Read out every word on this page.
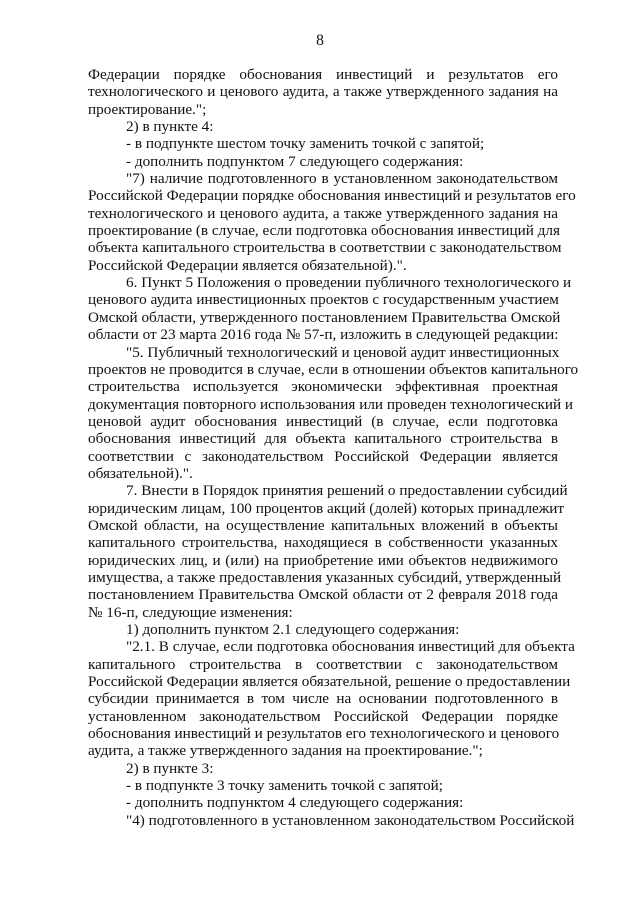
8
Федерации порядке обоснования инвестиций и результатов его
технологического и ценового аудита, а также утвержденного задания на
проектирование.";
2) в пункте 4:
- в подпункте шестом точку заменить точкой с запятой;
- дополнить подпунктом 7 следующего содержания:
"7) наличие подготовленного в установленном законодательством
Российской Федерации порядке обоснования инвестиций и результатов его
технологического и ценового аудита, а также утвержденного задания на
проектирование (в случае, если подготовка обоснования инвестиций для
объекта капитального строительства в соответствии с законодательством
Российской Федерации является обязательной).".
6. Пункт 5 Положения о проведении публичного технологического и
ценового аудита инвестиционных проектов с государственным участием
Омской области, утвержденного постановлением Правительства Омской
области от 23 марта 2016 года № 57-п, изложить в следующей редакции:
"5. Публичный технологический и ценовой аудит инвестиционных
проектов не проводится в случае, если в отношении объектов капитального
строительства используется экономически эффективная проектная
документация повторного использования или проведен технологический и
ценовой аудит обоснования инвестиций (в случае, если подготовка
обоснования инвестиций для объекта капитального строительства в
соответствии с законодательством Российской Федерации является
обязательной).".
7. Внести в Порядок принятия решений о предоставлении субсидий
юридическим лицам, 100 процентов акций (долей) которых принадлежит
Омской области, на осуществление капитальных вложений в объекты
капитального строительства, находящиеся в собственности указанных
юридических лиц, и (или) на приобретение ими объектов недвижимого
имущества, а также предоставления указанных субсидий, утвержденный
постановлением Правительства Омской области от 2 февраля 2018 года
№ 16-п, следующие изменения:
1) дополнить пунктом 2.1 следующего содержания:
"2.1. В случае, если подготовка обоснования инвестиций для объекта
капитального строительства в соответствии с законодательством
Российской Федерации является обязательной, решение о предоставлении
субсидии принимается в том числе на основании подготовленного в
установленном законодательством Российской Федерации порядке
обоснования инвестиций и результатов его технологического и ценового
аудита, а также утвержденного задания на проектирование.";
2) в пункте 3:
- в подпункте 3 точку заменить точкой с запятой;
- дополнить подпунктом 4 следующего содержания:
"4) подготовленного в установленном законодательством Российской
